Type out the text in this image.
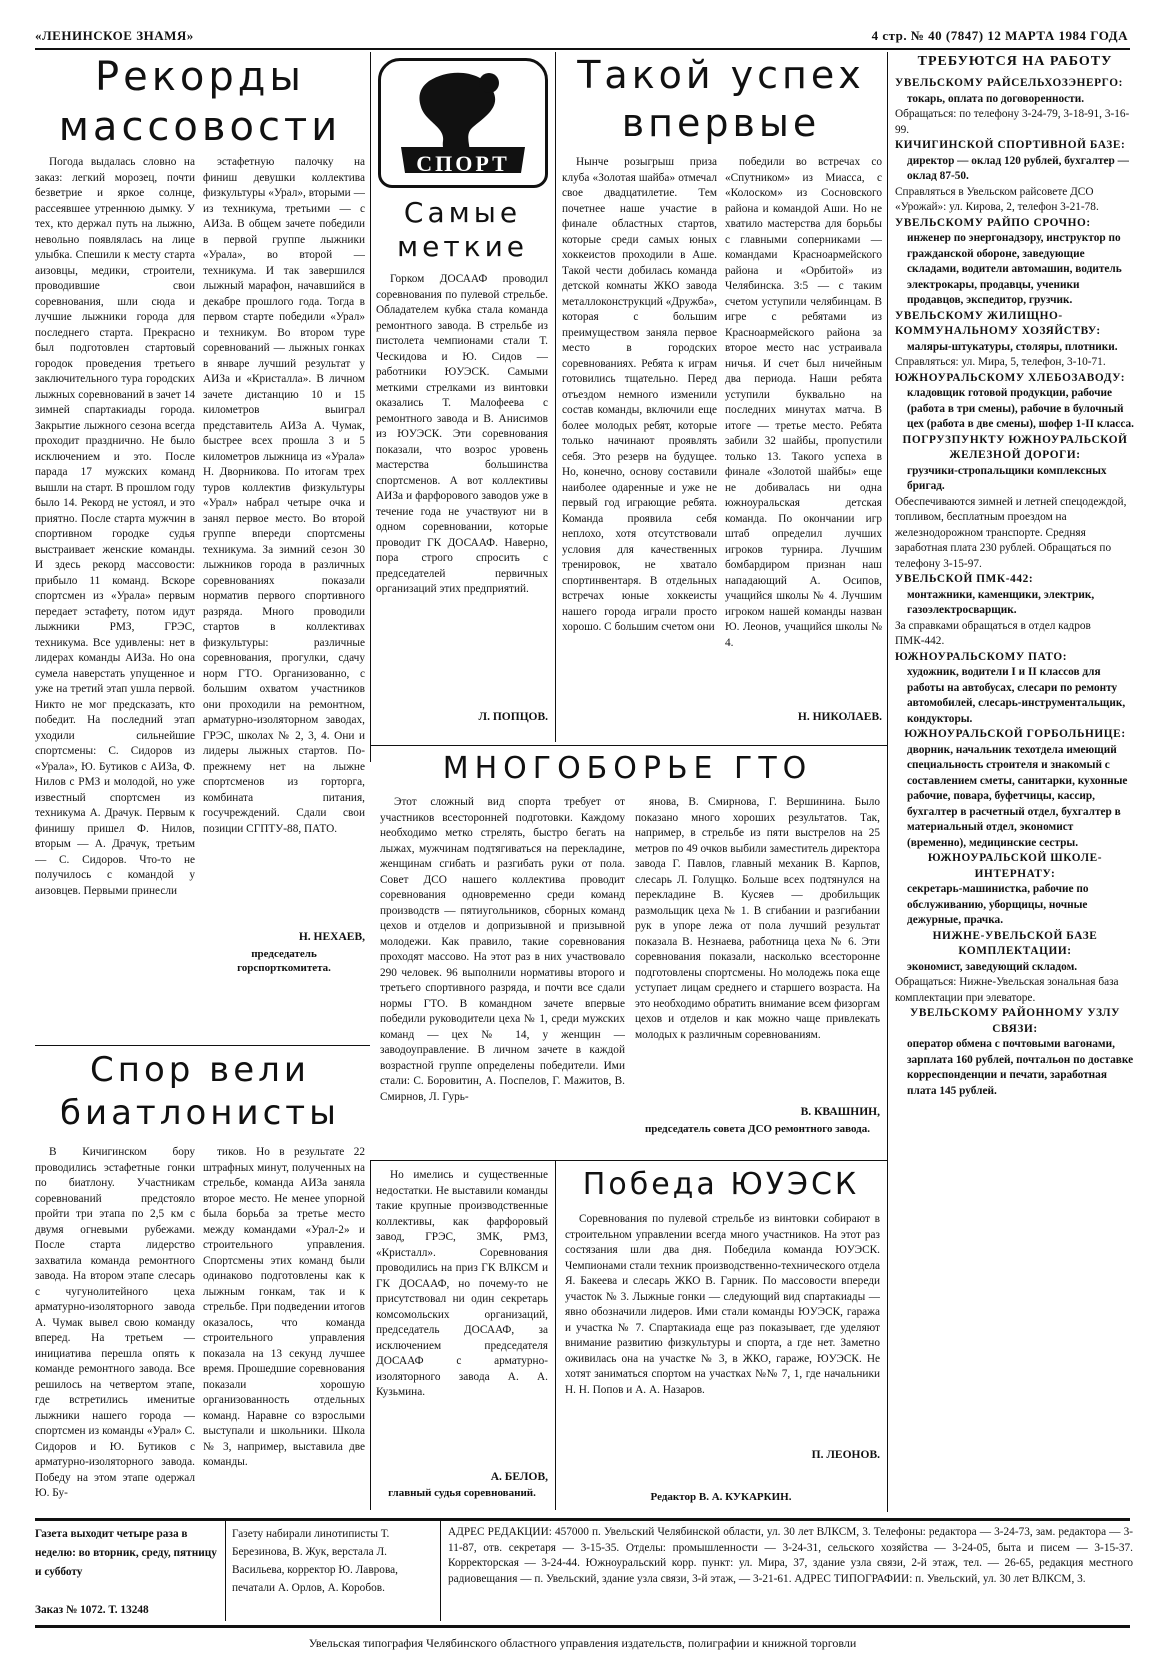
«ЛЕНИНСКОЕ ЗНАМЯ»	4 стр. № 40 (7847) 12 МАРТА 1984 ГОДА
Рекорды
массовости

Погода выдалась словно на заказ: легкий морозец, почти безветрие и яркое солнце, рассеявшее утреннюю дымку. У тех, кто держал путь на лыжню, невольно появлялась на лице улыбка. Спешили к месту старта аизовцы, медики, строители, проводившие свои соревнования, шли сюда и лучшие лыжники города для последнего старта. Прекрасно был подготовлен стартовый городок проведения третьего заключительного тура городских лыжных соревнований в зачет 14 зимней спартакиады города. Закрытие лыжного сезона всегда проходит празднично. Не было исключением и это. После парада 17 мужских команд вышли на старт. В прошлом году было 14. Рекорд не устоял, и это приятно. После старта мужчин в спортивном городке судья выстраивает женские команды. И здесь рекорд массовости: прибыло 11 команд. Вскоре спортсмен из «Урала» первым передает эстафету, потом идут лыжники РМЗ, ГРЭС, техникума. Все удивлены: нет в лидерах команды АИЗа. Но она сумела наверстать упущенное и уже на третий этап ушла первой. Никто не мог предсказать, кто победит. На последний этап уходили сильнейшие спортсмены: С. Сидоров из «Урала», Ю. Бутиков с АИЗа, Ф. Нилов с РМЗ и молодой, но уже известный спортсмен из техникума А. Драчук. Первым к финишу пришел Ф. Нилов, вторым — А. Драчук, третьим — С. Сидоров. Что-то не получилось с командой у аизовцев. Первыми принесли

эстафетную палочку на финиш девушки коллектива физкультуры «Урал», вторыми — из техникума, третьими — с АИЗа. В общем зачете победили в первой группе лыжники «Урала», во второй — техникума. И так завершился лыжный марафон, начавшийся в декабре прошлого года. Тогда в первом старте победили «Урал» и техникум. Во втором туре соревнований — лыжных гонках в январе лучший результат у АИЗа и «Кристалла». В личном зачете дистанцию 10 и 15 километров выиграл представитель АИЗа А. Чумак, быстрее всех прошла 3 и 5 километров лыжница из «Урала» Н. Дворникова. По итогам трех туров коллектив физкультуры «Урал» набрал четыре очка и занял первое место. Во второй группе впереди спортсмены техникума. За зимний сезон 30 лыжников города в различных соревнованиях показали норматив первого спортивного разряда. Много проводили стартов в коллективах физкультуры: различные соревнования, прогулки, сдачу норм ГТО. Организованно, с большим охватом участников они проходили на ремонтном, арматурно-изоляторном заводах, ГРЭС, школах № 2, 3, 4. Они и лидеры лыжных стартов. По-прежнему нет на лыжне спортсменов из горторга, комбината питания, госучреждений. Сдали свои позиции СГПТУ-88, ПАТО.

Н. НЕХАЕВ,
председатель горспорткомитета.
Спор вели
биатлонисты

В Кичигинском бору проводились эстафетные гонки по биатлону. Участникам соревнований предстояло пройти три этапа по 2,5 км с двумя огневыми рубежами. После старта лидерство захватила команда ремонтного завода. На втором этапе слесарь с чугунолитейного цеха арматурно-изоляторного завода А. Чумак вывел свою команду вперед. На третьем — инициатива перешла опять к команде ремонтного завода. Все решилось на четвертом этапе, где встретились именитые лыжники нашего города — спортсмен из команды «Урал» С. Сидоров и Ю. Бутиков с арматурно-изоляторного завода. Победу на этом этапе одержал Ю. Бу-

тиков. Но в результате 22 штрафных минут, полученных на стрельбе, команда АИЗа заняла второе место. Не менее упорной была борьба за третье место между командами «Урал-2» и строительного управления. Спортсмены этих команд были одинаково подготовлены как к лыжным гонкам, так и к стрельбе. При подведении итогов оказалось, что команда строительного управления показала на 13 секунд лучшее время. Прошедшие соревнования показали хорошую организованность отдельных команд. Наравне со взрослыми выступали и школьники. Школа № 3, например, выставила две команды.

СПОРТ
Самые
меткие

Горком ДОСААФ проводил соревнования по пулевой стрельбе. Обладателем кубка стала команда ремонтного завода. В стрельбе из пистолета чемпионами стали Т. Ческидова и Ю. Сидов — работники ЮУЭСК. Самыми меткими стрелками из винтовки оказались Т. Малофеева с ремонтного завода и В. Анисимов из ЮУЭСК. Эти соревнования показали, что возрос уровень мастерства большинства спортсменов. А вот коллективы АИЗа и фарфорового заводов уже в течение года не участвуют ни в одном соревновании, которые проводит ГК ДОСААФ. Наверно, пора строго спросить с председателей первичных организаций этих предприятий.

Л. ПОПЦОВ.
Такой успех
впервые

Нынче розыгрыш приза клуба «Золотая шайба» отмечал свое двадцатилетие. Тем почетнее наше участие в финале областных стартов, которые среди самых юных хоккеистов проходили в Аше. Такой чести добилась команда детской комнаты ЖКО завода металлоконструкций «Дружба», которая с большим преимуществом заняла первое место в городских соревнованиях. Ребята к играм готовились тщательно. Перед отъездом немного изменили состав команды, включили еще более молодых ребят, которые только начинают проявлять себя. Это резерв на будущее. Но, конечно, основу составили наиболее одаренные и уже не первый год играющие ребята. Команда проявила себя неплохо, хотя отсутствовали условия для качественных тренировок, не хватало спортинвентаря. В отдельных встречах юные хоккеисты нашего города играли просто хорошо. С большим счетом они

победили во встречах со «Спутником» из Миасса, с «Колоском» из Сосновского района и командой Аши. Но не хватило мастерства для борьбы с главными соперниками — командами Красноармейского района и «Орбитой» из Челябинска. 3:5 — с таким счетом уступили челябинцам. В игре с ребятами из Красноармейского района за второе место нас устраивала ничья. И счет был ничейным два периода. Наши ребята уступили буквально на последних минутах матча. В итоге — третье место. Ребята забили 32 шайбы, пропустили только 13. Такого успеха в финале «Золотой шайбы» еще не добивалась ни одна южноуральская детская команда. По окончании игр штаб определил лучших игроков турнира. Лучшим бомбардиром признан наш нападающий А. Осипов, учащийся школы № 4. Лучшим игроком нашей команды назван Ю. Леонов, учащийся школы № 4.

Н. НИКОЛАЕВ.
МНОГОБОРЬЕ ГТО

Этот сложный вид спорта требует от участников всесторонней подготовки. Каждому необходимо метко стрелять, быстро бегать на лыжах, мужчинам подтягиваться на перекладине, женщинам сгибать и разгибать руки от пола. Совет ДСО нашего коллектива проводит соревнования одновременно среди команд производств — пятиугольников, сборных команд цехов и отделов и допризывной и призывной молодежи. Как правило, такие соревнования проходят массово. На этот раз в них участвовало 290 человек. 96 выполнили нормативы второго и третьего спортивного разряда, и почти все сдали нормы ГТО. В командном зачете впервые победили руководители цеха № 1, среди мужских команд — цех № 14, у женщин — заводоуправление. В личном зачете в каждой возрастной группе определены победители. Ими стали: С. Боровитин, А. Поспелов, Г. Мажитов, В. Смирнов, Л. Гурь-

янова, В. Смирнова, Г. Вершинина. Было показано много хороших результатов. Так, например, в стрельбе из пяти выстрелов на 25 метров по 49 очков выбили заместитель директора завода Г. Павлов, главный механик В. Карпов, слесарь Л. Голущко. Больше всех подтянулся на перекладине В. Кусяев — дробильщик размольщик цеха № 1. В сгибании и разгибании рук в упоре лежа от пола лучший результат показала В. Незнаева, работница цеха № 6. Эти соревнования показали, насколько всесторонне подготовлены спортсмены. Но молодежь пока еще уступает лицам среднего и старшего возраста. На это необходимо обратить внимание всем физоргам цехов и отделов и как можно чаще привлекать молодых к различным соревнованиям.

В. КВАШНИН,
председатель совета ДСО ремонтного завода.

Но имелись и существенные недостатки. Не выставили команды такие крупные производственные коллективы, как фарфоровый завод, ГРЭС, ЗМК, РМЗ, «Кристалл». Соревнования проводились на приз ГК ВЛКСМ и ГК ДОСААФ, но почему-то не присутствовал ни один секретарь комсомольских организаций, председатель ДОСААФ, за исключением председателя ДОСААФ с арматурно-изоляторного завода А. А. Кузьмина.

А. БЕЛОВ,
главный судья соревнований.
Победа ЮУЭСК

Соревнования по пулевой стрельбе из винтовки собирают в строительном управлении всегда много участников. На этот раз состязания шли два дня. Победила команда ЮУЭСК. Чемпионами стали техник производственно-технического отдела Я. Бакеева и слесарь ЖКО В. Гарник. По массовости впереди участок № 3. Лыжные гонки — следующий вид спартакиады — явно обозначили лидеров. Ими стали команды ЮУЭСК, гаража и участка № 7. Спартакиада еще раз показывает, где уделяют внимание развитию физкультуры и спорта, а где нет. Заметно оживилась она на участке № 3, в ЖКО, гараже, ЮУЭСК. Не хотят заниматься спортом на участках №№ 7, 1, где начальники Н. Н. Попов и А. А. Назаров.

П. ЛЕОНОВ.
Редактор В. А. КУКАРКИН.
ТРЕБУЮТСЯ НА РАБОТУ

УВЕЛЬСКОМУ РАЙСЕЛЬХОЗЭНЕРГО:

токарь, оплата по договоренности.

Обращаться: по телефону 3-24-79, 3-18-91, 3-16-99.

КИЧИГИНСКОЙ СПОРТИВНОЙ БАЗЕ:

директор — оклад 120 рублей, бухгалтер — оклад 87-50.

Справляться в Увельском райсовете ДСО «Урожай»: ул. Кирова, 2, телефон 3-21-78.

УВЕЛЬСКОМУ РАЙПО СРОЧНО:

инженер по энергонадзору, инструктор по гражданской обороне, заведующие складами, водители автомашин, водитель электрокары, продавцы, ученики продавцов, экспедитор, грузчик.

УВЕЛЬСКОМУ ЖИЛИЩНО-КОММУНАЛЬНОМУ ХОЗЯЙСТВУ:

маляры-штукатуры, столяры, плотники.

Справляться: ул. Мира, 5, телефон, 3-10-71.

ЮЖНОУРАЛЬСКОМУ ХЛЕБОЗАВОДУ:

кладовщик готовой продукции, рабочие (работа в три смены), рабочие в булочный цех (работа в две смены), шофер 1-II класса.

ПОГРУЗПУНКТУ ЮЖНОУРАЛЬСКОЙ ЖЕЛЕЗНОЙ ДОРОГИ:

грузчики-стропальщики комплексных бригад.

Обеспечиваются зимней и летней спецодеждой, топливом, бесплатным проездом на железнодорожном транспорте. Средняя заработная плата 230 рублей. Обращаться по телефону 3-15-97.

УВЕЛЬСКОЙ ПМК-442:

монтажники, каменщики, электрик, газоэлектросварщик.

За справками обращаться в отдел кадров ПМК-442.

ЮЖНОУРАЛЬСКОМУ ПАТО:

художник, водители I и II классов для работы на автобусах, слесари по ремонту автомобилей, слесарь-инструментальщик, кондукторы.

ЮЖНОУРАЛЬСКОЙ ГОРБОЛЬНИЦЕ:

дворник, начальник техотдела имеющий специальность строителя и знакомый с составлением сметы, санитарки, кухонные рабочие, повара, буфетчицы, кассир, бухгалтер в расчетный отдел, бухгалтер в материальный отдел, экономист (временно), медицинские сестры.

ЮЖНОУРАЛЬСКОЙ ШКОЛЕ-ИНТЕРНАТУ:

секретарь-машинистка, рабочие по обслуживанию, уборщицы, ночные дежурные, прачка.

НИЖНЕ-УВЕЛЬСКОЙ БАЗЕ КОМПЛЕКТАЦИИ:

экономист, заведующий складом.

Обращаться: Нижне-Увельская зональная база комплектации при элеваторе.

УВЕЛЬСКОМУ РАЙОННОМУ УЗЛУ СВЯЗИ:

оператор обмена с почтовыми вагонами, зарплата 160 рублей, почтальон по доставке корреспонденции и печати, заработная плата 145 рублей.

Газета выходит четыре раза в неделю: во вторник, среду, пятницу и субботу
Заказ № 1072. Т. 13248
Газету набирали линотиписты Т. Березинова, В. Жук, верстала Л. Васильева, корректор Ю. Лаврова, печатали А. Орлов, А. Коробов.
АДРЕС РЕДАКЦИИ: 457000 п. Увельский Челябинской области, ул. 30 лет ВЛКСМ, 3. Телефоны: редактора — 3-24-73, зам. редактора — 3-11-87, отв. секретаря — 3-15-35. Отделы: промышленности — 3-24-31, сельского хозяйства — 3-24-05, быта и писем — 3-15-37. Корректорская — 3-24-44. Южноуральский корр. пункт: ул. Мира, 37, здание узла связи, 2-й этаж, тел. — 26-65, редакция местного радиовещания — п. Увельский, здание узла связи, 3-й этаж, — 3-21-61. АДРЕС ТИПОГРАФИИ: п. Увельский, ул. 30 лет ВЛКСМ, 3.
Увельская типография Челябинского областного управления издательств, полиграфии и книжной торговли
